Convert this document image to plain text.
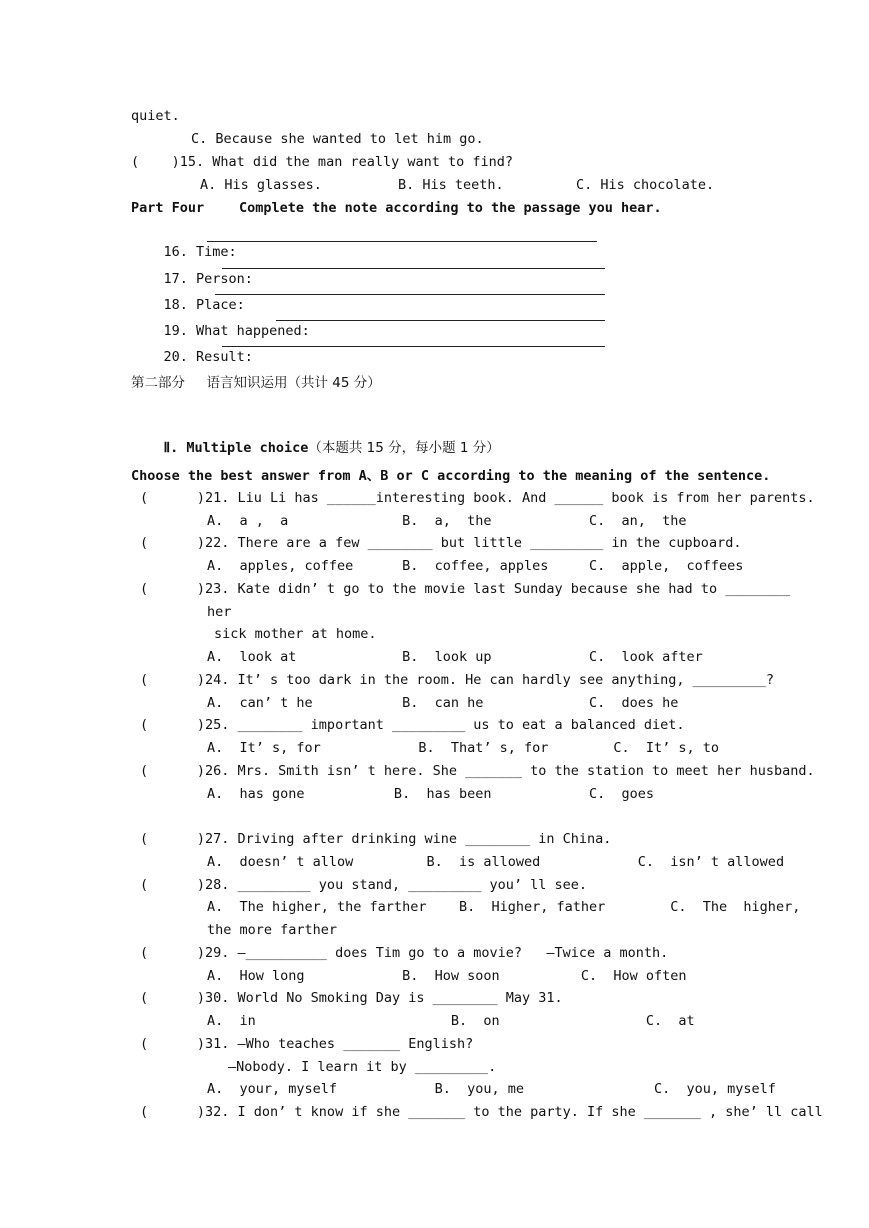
quiet.
C. Because she wanted to let him go.
(    )15. What did the man really want to find?
A. His glasses.	B. His teeth.	C. His chocolate.
Part Four	Complete the note according to the passage you hear.

16. Time:

17. Person:

18. Place:

19. What happened:

20. Result:

第二部分     语言知识运用（共计 45 分）

Ⅱ. Multiple choice（本题共 15 分，每小题 1 分）

Choose the best answer from A、B or C according to the meaning of the sentence.
(      )21. Liu Li has ______interesting book. And ______ book is from her parents.
A.  a ,  a              B.  a,  the            C.  an,  the
(      )22. There are a few ________ but little _________ in the cupboard.
A.  apples, coffee      B.  coffee, apples     C.  apple,  coffees
(      )23. Kate didn’ t go to the movie last Sunday because she had to ________
her
sick mother at home.
A.  look at             B.  look up            C.  look after
(      )24. It’ s too dark in the room. He can hardly see anything, _________?
A.  can’ t he           B.  can he             C.  does he
(      )25. ________ important _________ us to eat a balanced diet.
A.  It’ s, for            B.  That’ s, for        C.  It’ s, to
(      )26. Mrs. Smith isn’ t here. She _______ to the station to meet her husband.
A.  has gone           B.  has been            C.  goes
(      )27. Driving after drinking wine ________ in China.
A.  doesn’ t allow         B.  is allowed            C.  isn’ t allowed
(      )28. _________ you stand, _________ you’ ll see.
A.  The higher, the farther    B.  Higher, father        C.  The  higher,
the more farther
(      )29. —__________ does Tim go to a movie?   —Twice a month.
A.  How long            B.  How soon          C.  How often
(      )30. World No Smoking Day is ________ May 31.
A.  in                        B.  on                  C.  at
(      )31. —Who teaches _______ English?
—Nobody. I learn it by _________.
A.  your, myself            B.  you, me                C.  you, myself
(      )32. I don’ t know if she _______ to the party. If she _______ , she’ ll call
